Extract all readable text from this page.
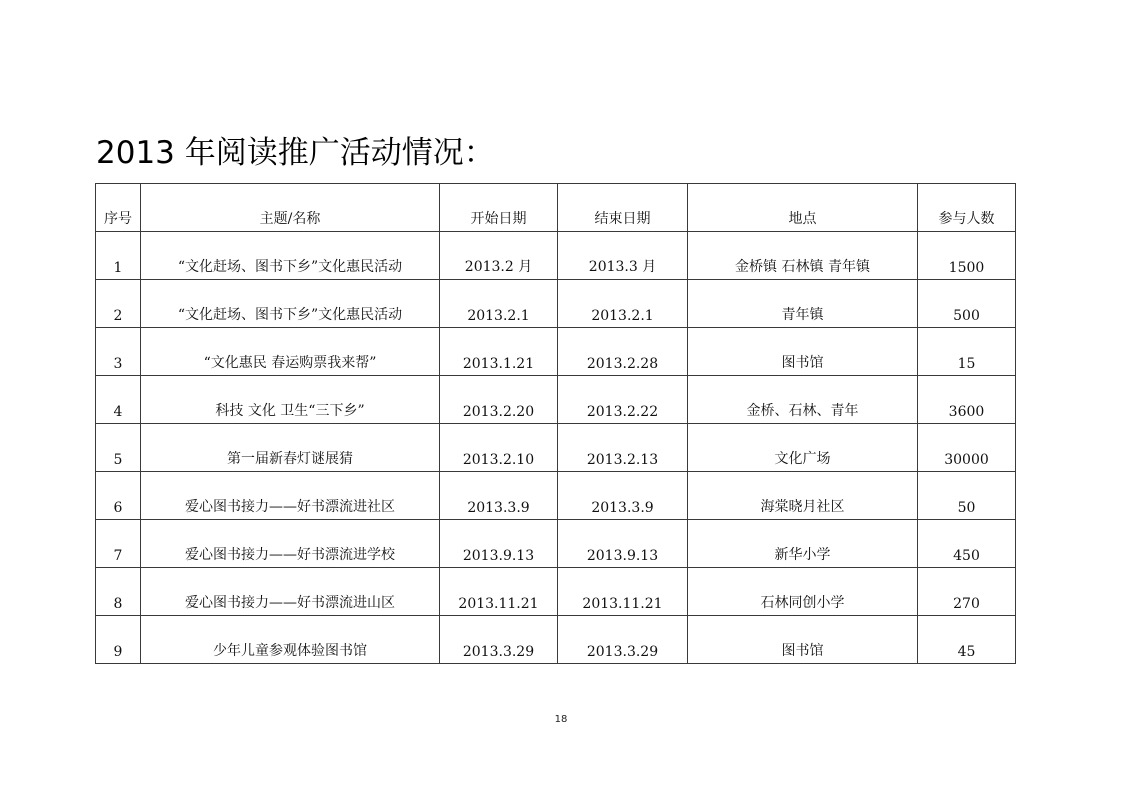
2013 年阅读推广活动情况：
序号	主题/名称	开始日期	结束日期	地点	参与人数
1	“文化赶场、图书下乡”文化惠民活动	2013.2 月	2013.3 月	金桥镇 石林镇 青年镇	1500
2	“文化赶场、图书下乡”文化惠民活动	2013.2.1	2013.2.1	青年镇	500
3	“文化惠民 春运购票我来帮”	2013.1.21	2013.2.28	图书馆	15
4	科技 文化 卫生“三下乡”	2013.2.20	2013.2.22	金桥、石林、青年	3600
5	第一届新春灯谜展猜	2013.2.10	2013.2.13	文化广场	30000
6	爱心图书接力——好书漂流进社区	2013.3.9	2013.3.9	海棠晓月社区	50
7	爱心图书接力——好书漂流进学校	2013.9.13	2013.9.13	新华小学	450
8	爱心图书接力——好书漂流进山区	2013.11.21	2013.11.21	石林同创小学	270
9	少年儿童参观体验图书馆	2013.3.29	2013.3.29	图书馆	45
18
